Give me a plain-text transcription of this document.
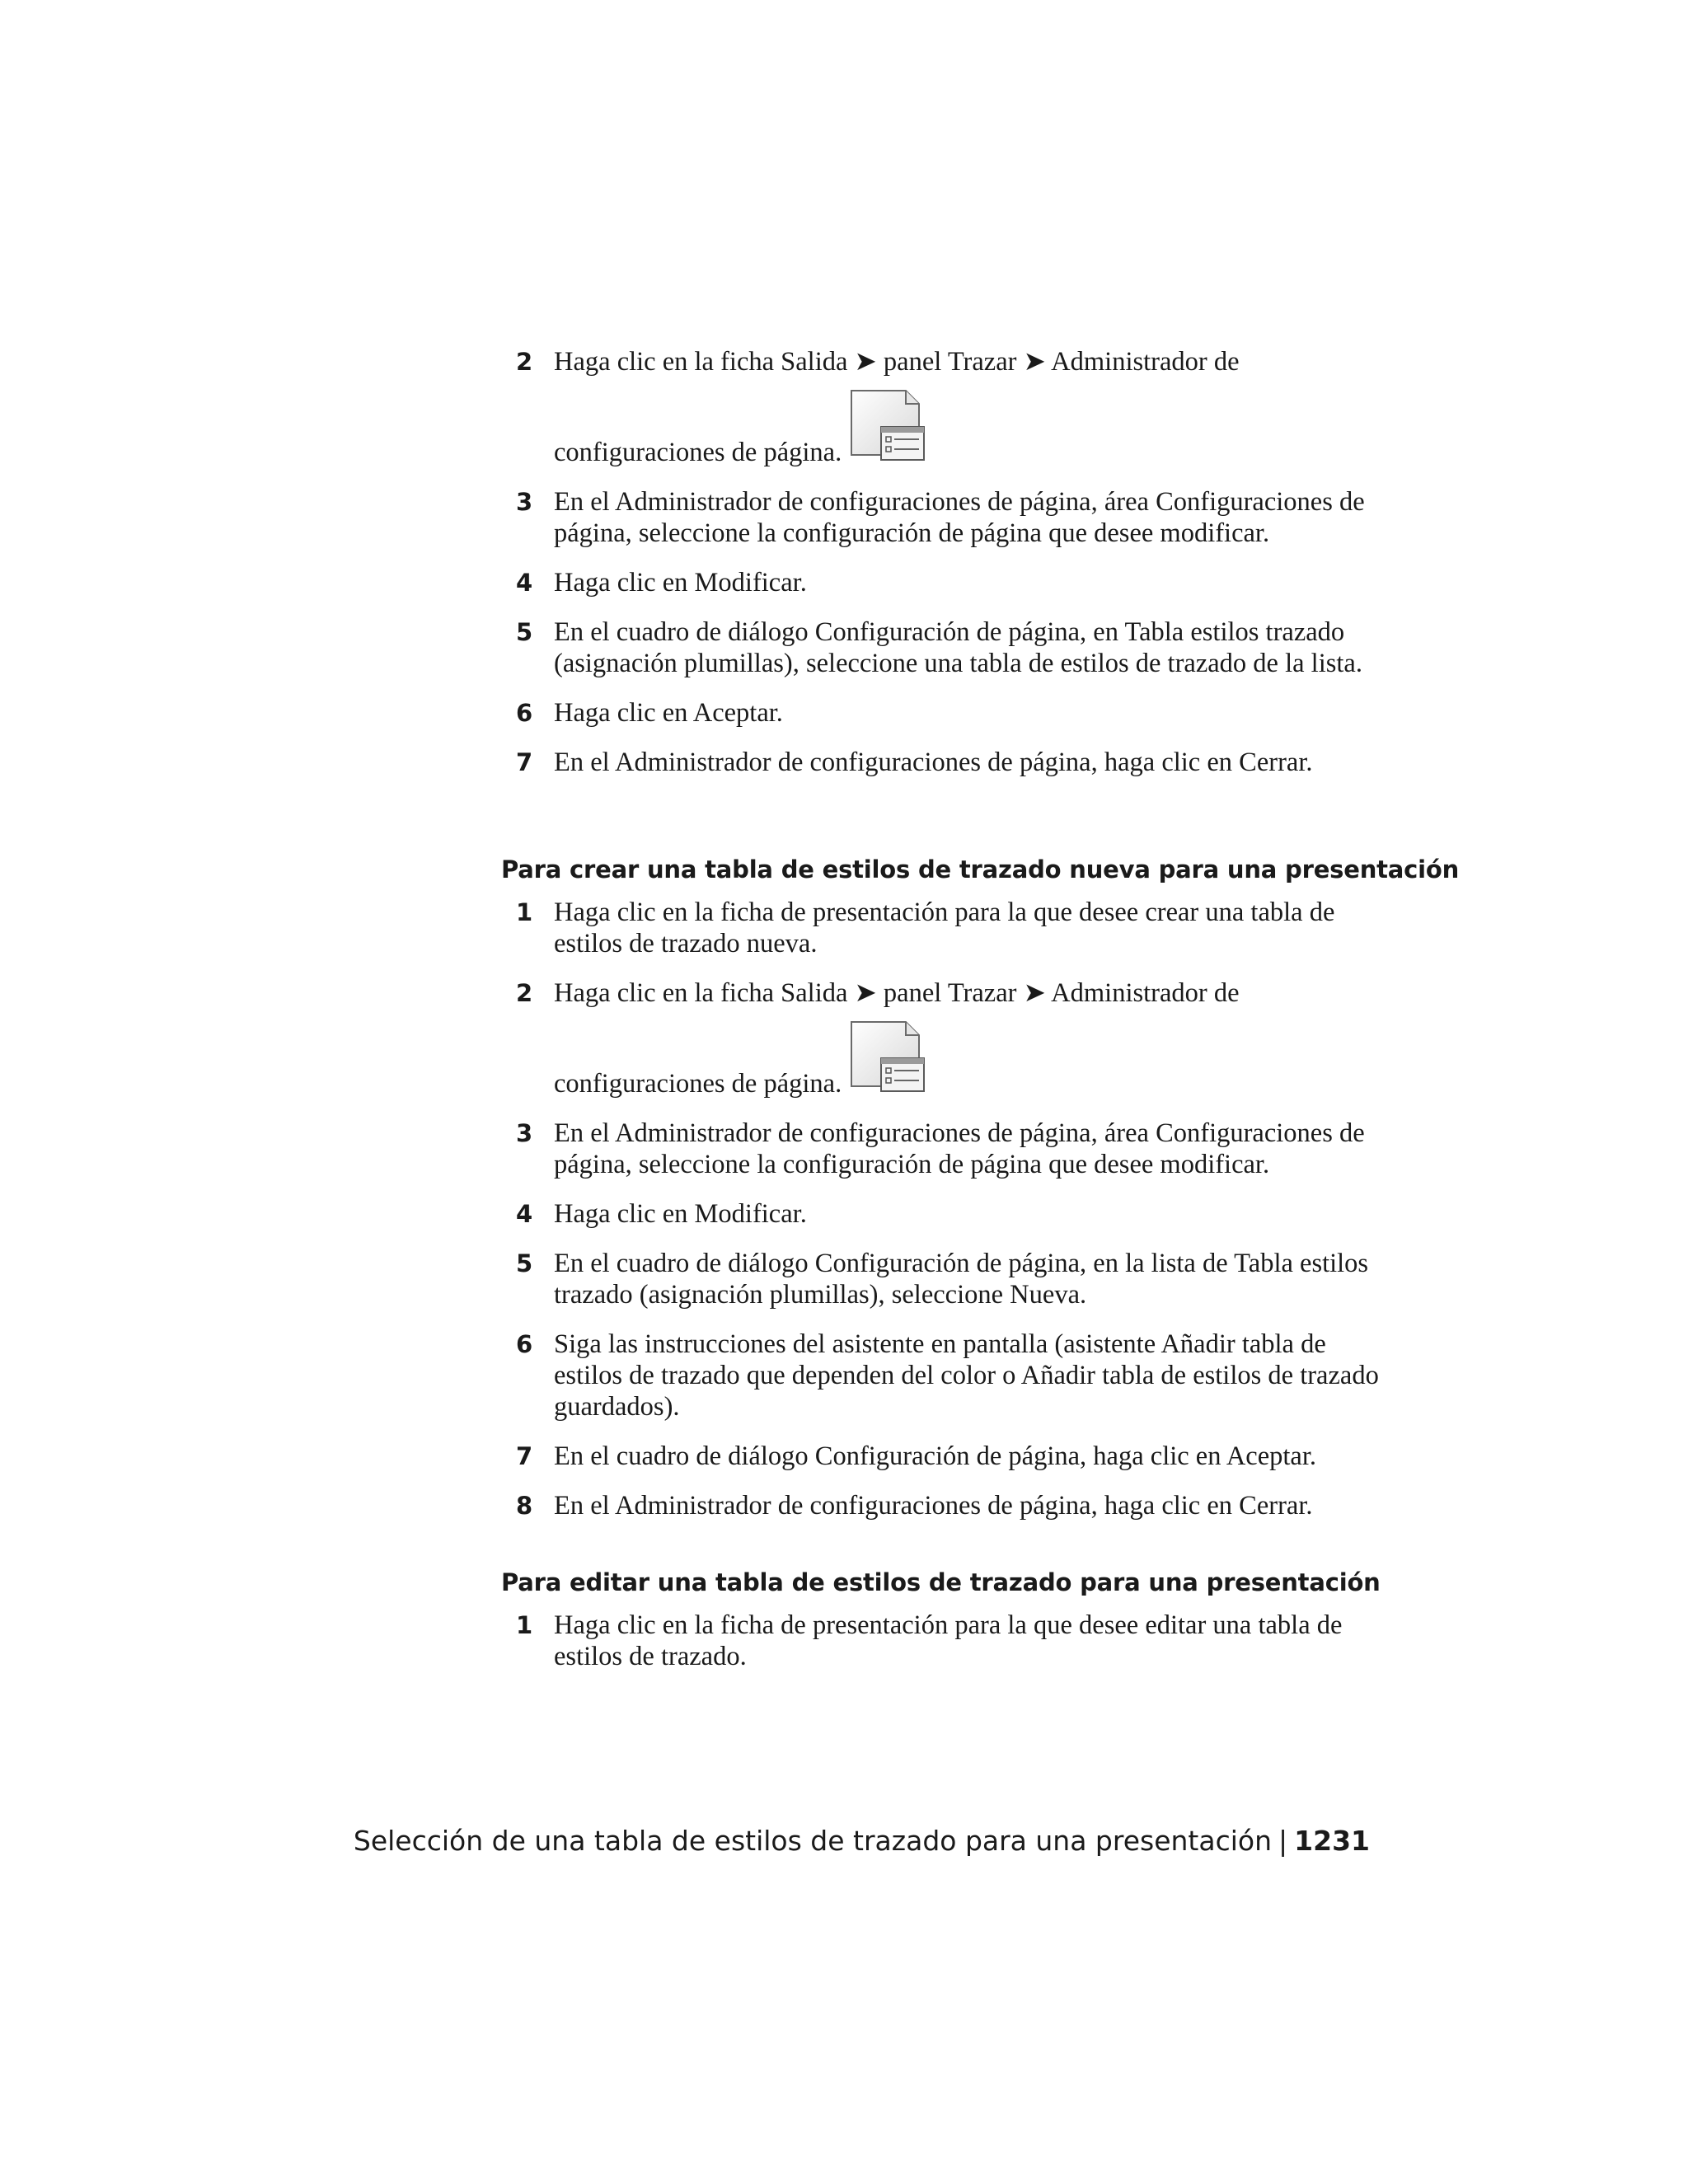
2 Haga clic en la ficha Salida ➤ panel Trazar ➤ Administrador de
configuraciones de página.
3 En el Administrador de configuraciones de página, área Configuraciones de página, seleccione la configuración de página que desee modificar.
4 Haga clic en Modificar.
5 En el cuadro de diálogo Configuración de página, en Tabla estilos trazado (asignación plumillas), seleccione una tabla de estilos de trazado de la lista.
6 Haga clic en Aceptar.
7 En el Administrador de configuraciones de página, haga clic en Cerrar.
Para crear una tabla de estilos de trazado nueva para una presentación
1 Haga clic en la ficha de presentación para la que desee crear una tabla de estilos de trazado nueva.
2 Haga clic en la ficha Salida ➤ panel Trazar ➤ Administrador de
configuraciones de página.
3 En el Administrador de configuraciones de página, área Configuraciones de página, seleccione la configuración de página que desee modificar.
4 Haga clic en Modificar.
5 En el cuadro de diálogo Configuración de página, en la lista de Tabla estilos trazado (asignación plumillas), seleccione Nueva.
6 Siga las instrucciones del asistente en pantalla (asistente Añadir tabla de estilos de trazado que dependen del color o Añadir tabla de estilos de trazado guardados).
7 En el cuadro de diálogo Configuración de página, haga clic en Aceptar.
8 En el Administrador de configuraciones de página, haga clic en Cerrar.
Para editar una tabla de estilos de trazado para una presentación
1 Haga clic en la ficha de presentación para la que desee editar una tabla de estilos de trazado.
Selección de una tabla de estilos de trazado para una presentación | 1231
